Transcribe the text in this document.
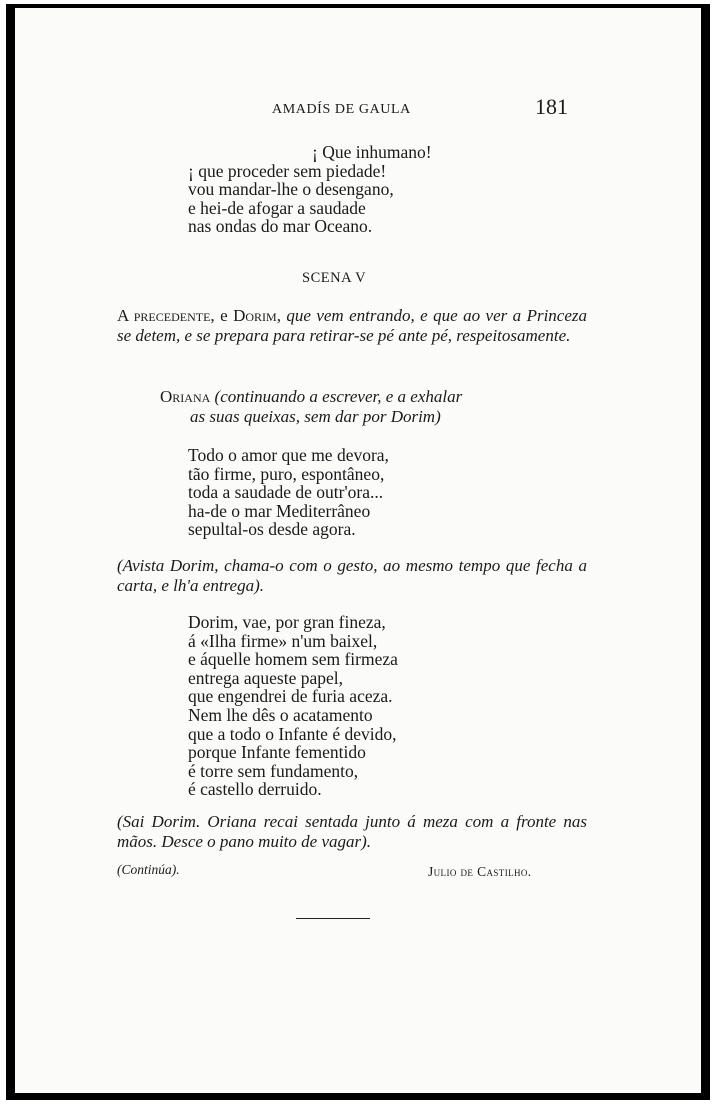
AMADÍS DE GAULA	181
¡ Que inhumano!
¡ que proceder sem piedade!
vou mandar-lhe o desengano,
e hei-de afogar a saudade
nas ondas do mar Oceano.
SCENA V
A precedente, e Dorim, que vem entrando, e que ao ver a Princeza se detem, e se prepara para retirar-se pé ante pé, respeitosamente.
Oriana (continuando a escrever, e a exhalar
as suas queixas, sem dar por Dorim)
Todo o amor que me devora,
tão firme, puro, espontâneo,
toda a saudade de outr'ora...
ha-de o mar Mediterrâneo
sepultal-os desde agora.
(Avista Dorim, chama-o com o gesto, ao mesmo tempo que fecha a carta, e lh'a entrega).
Dorim, vae, por gran fineza,
á «Ilha firme» n'um baixel,
e áquelle homem sem firmeza
entrega aqueste papel,
que engendrei de furia aceza.
Nem lhe dês o acatamento
que a todo o Infante é devido,
porque Infante fementido
é torre sem fundamento,
é castello derruido.
(Sai Dorim. Oriana recai sentada junto á meza com a fronte nas mãos. Desce o pano muito de vagar).
(Continúa).	Julio de Castilho.
